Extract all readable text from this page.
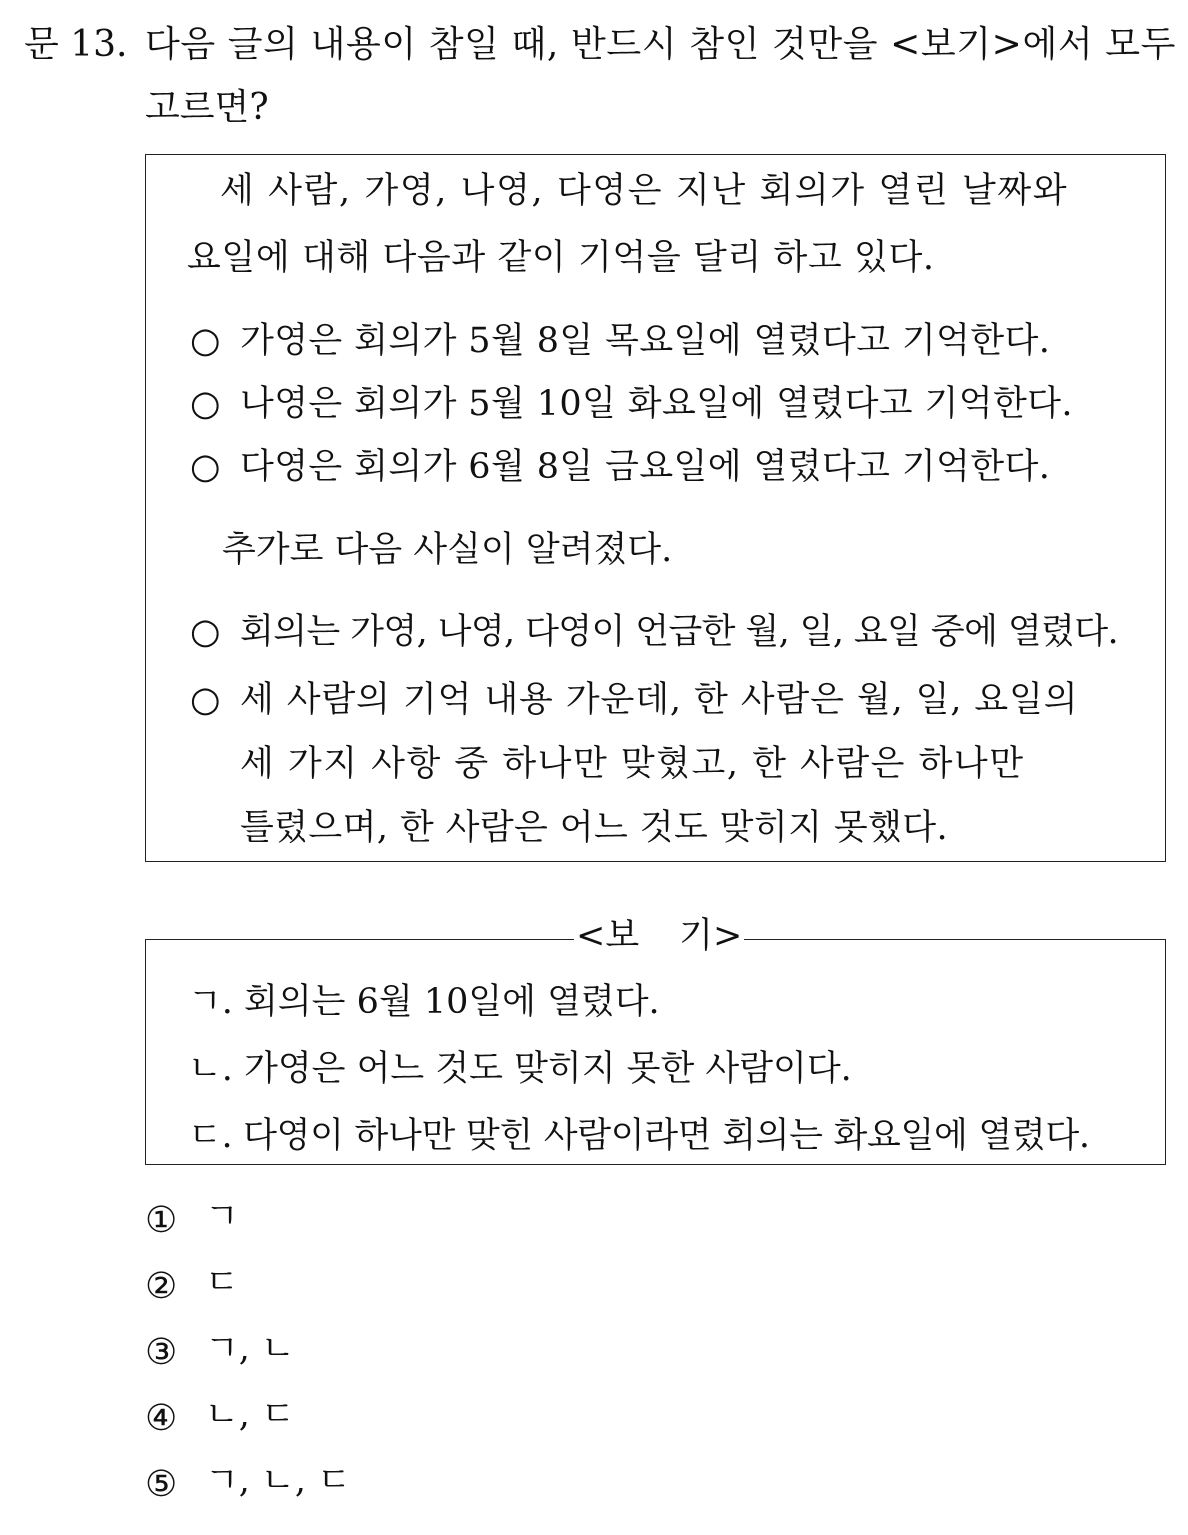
문 13. 다음 글의 내용이 참일 때, 반드시 참인 것만을 <보기>에서 모두
고르면?
세 사람, 가영, 나영, 다영은 지난 회의가 열린 날짜와
요일에 대해 다음과 같이 기억을 달리 하고 있다.
○ 가영은 회의가 5월 8일 목요일에 열렸다고 기억한다.
○ 나영은 회의가 5월 10일 화요일에 열렸다고 기억한다.
○ 다영은 회의가 6월 8일 금요일에 열렸다고 기억한다.
추가로 다음 사실이 알려졌다.
○ 회의는 가영, 나영, 다영이 언급한 월, 일, 요일 중에 열렸다.
○ 세 사람의 기억 내용 가운데, 한 사람은 월, 일, 요일의
세 가지 사항 중 하나만 맞혔고, 한 사람은 하나만
틀렸으며, 한 사람은 어느 것도 맞히지 못했다.
<보 기>
ㄱ. 회의는 6월 10일에 열렸다.
ㄴ. 가영은 어느 것도 맞히지 못한 사람이다.
ㄷ. 다영이 하나만 맞힌 사람이라면 회의는 화요일에 열렸다.
① ㄱ
② ㄷ
③ ㄱ, ㄴ
④ ㄴ, ㄷ
⑤ ㄱ, ㄴ, ㄷ
